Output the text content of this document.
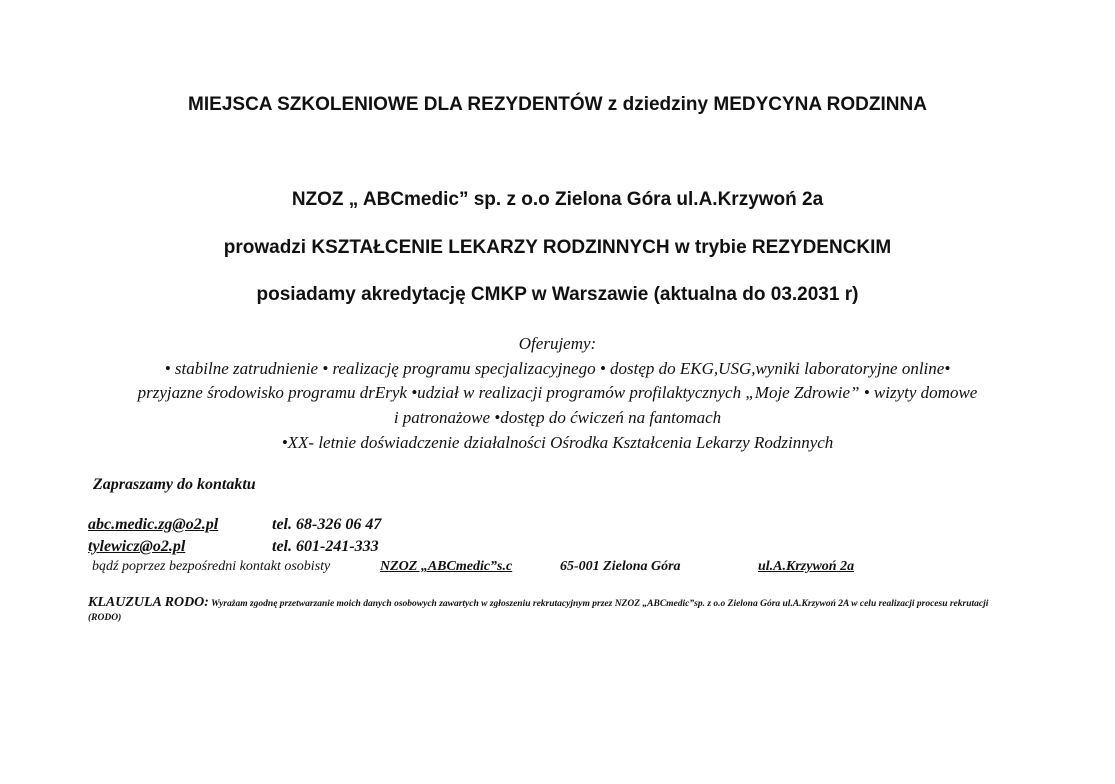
MIEJSCA SZKOLENIOWE DLA REZYDENTÓW z dziedziny MEDYCYNA RODZINNA
NZOZ „ ABCmedic” sp. z o.o Zielona Góra ul.A.Krzywoń 2a
prowadzi KSZTAŁCENIE LEKARZY RODZINNYCH w trybie REZYDENCKIM
posiadamy akredytację CMKP w Warszawie (aktualna do 03.2031 r)
Oferujemy:
• stabilne zatrudnienie • realizację programu specjalizacyjnego • dostęp do EKG,USG,wyniki laboratoryjne online•
przyjazne środowisko programu drEryk •udział w realizacji programów profilaktycznych „Moje Zdrowie” • wizyty domowe
i patronażowe •dostęp do ćwiczeń na fantomach
•XX- letnie doświadczenie działalności Ośrodka Kształcenia Lekarzy Rodzinnych
Zapraszamy do kontaktu
abc.medic.zg@o2.pl	tel. 68-326 06 47
tylewicz@o2.pl	tel. 601-241-333
bądź poprzez bezpośredni kontakt osobisty	NZOZ „ABCmedic”s.c	65-001 Zielona Góra	ul.A.Krzywoń 2a
KLAUZULA RODO: Wyrażam zgodnę przetwarzanie moich danych osobowych zawartych w zgłoszeniu rekrutacyjnym przez NZOZ „ABCmedic”sp. z o.o Zielona Góra ul.A.Krzywoń 2A w celu realizacji procesu rekrutacji (RODO)
